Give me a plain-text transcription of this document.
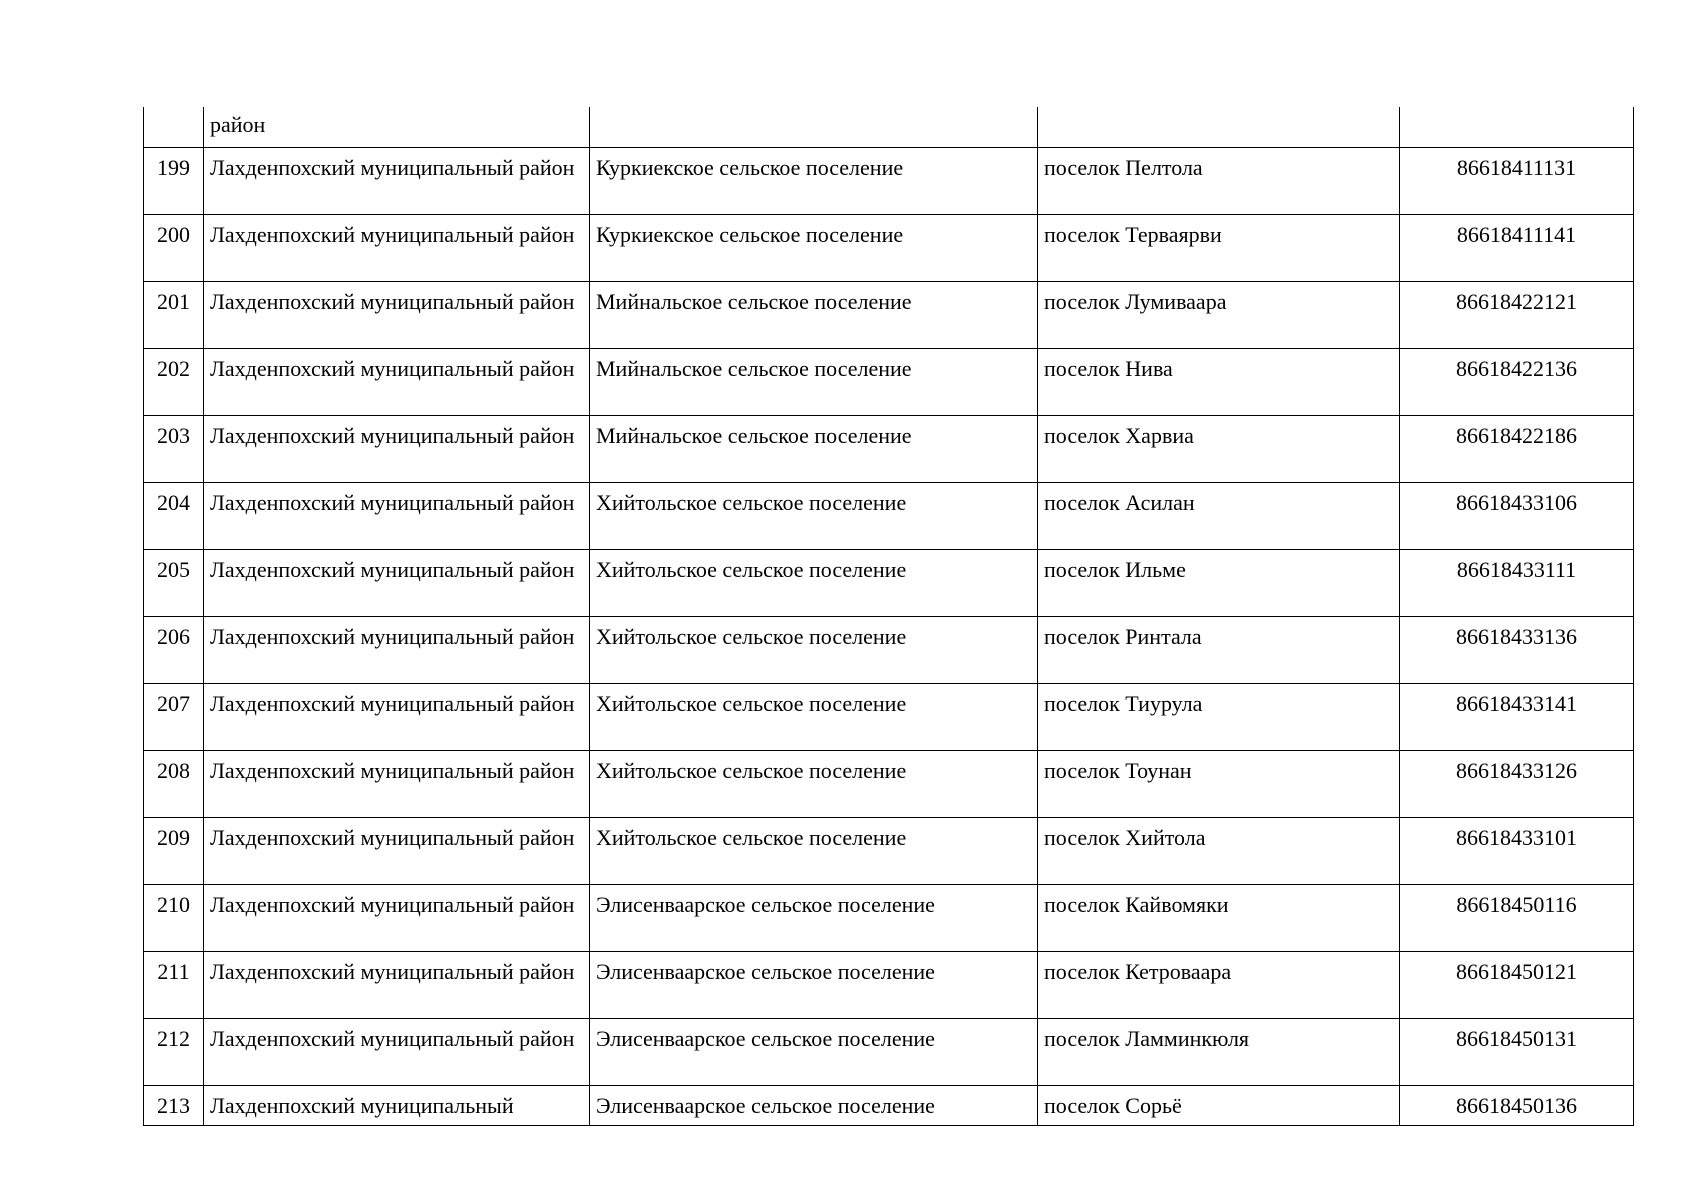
	район			
199	Лахденпохский муниципальный район	Куркиекское сельское поселение	поселок Пелтола	86618411131
200	Лахденпохский муниципальный район	Куркиекское сельское поселение	поселок Терваярви	86618411141
201	Лахденпохский муниципальный район	Мийнальское сельское поселение	поселок Лумиваара	86618422121
202	Лахденпохский муниципальный район	Мийнальское сельское поселение	поселок Нива	86618422136
203	Лахденпохский муниципальный район	Мийнальское сельское поселение	поселок Харвиа	86618422186
204	Лахденпохский муниципальный район	Хийтольское сельское поселение	поселок Асилан	86618433106
205	Лахденпохский муниципальный район	Хийтольское сельское поселение	поселок Ильме	86618433111
206	Лахденпохский муниципальный район	Хийтольское сельское поселение	поселок Ринтала	86618433136
207	Лахденпохский муниципальный район	Хийтольское сельское поселение	поселок Тиурула	86618433141
208	Лахденпохский муниципальный район	Хийтольское сельское поселение	поселок Тоунан	86618433126
209	Лахденпохский муниципальный район	Хийтольское сельское поселение	поселок Хийтола	86618433101
210	Лахденпохский муниципальный район	Элисенваарское сельское поселение	поселок Кайвомяки	86618450116
211	Лахденпохский муниципальный район	Элисенваарское сельское поселение	поселок Кетроваара	86618450121
212	Лахденпохский муниципальный район	Элисенваарское сельское поселение	поселок Ламминкюля	86618450131
213	Лахденпохский муниципальный	Элисенваарское сельское поселение	поселок Сорьё	86618450136
